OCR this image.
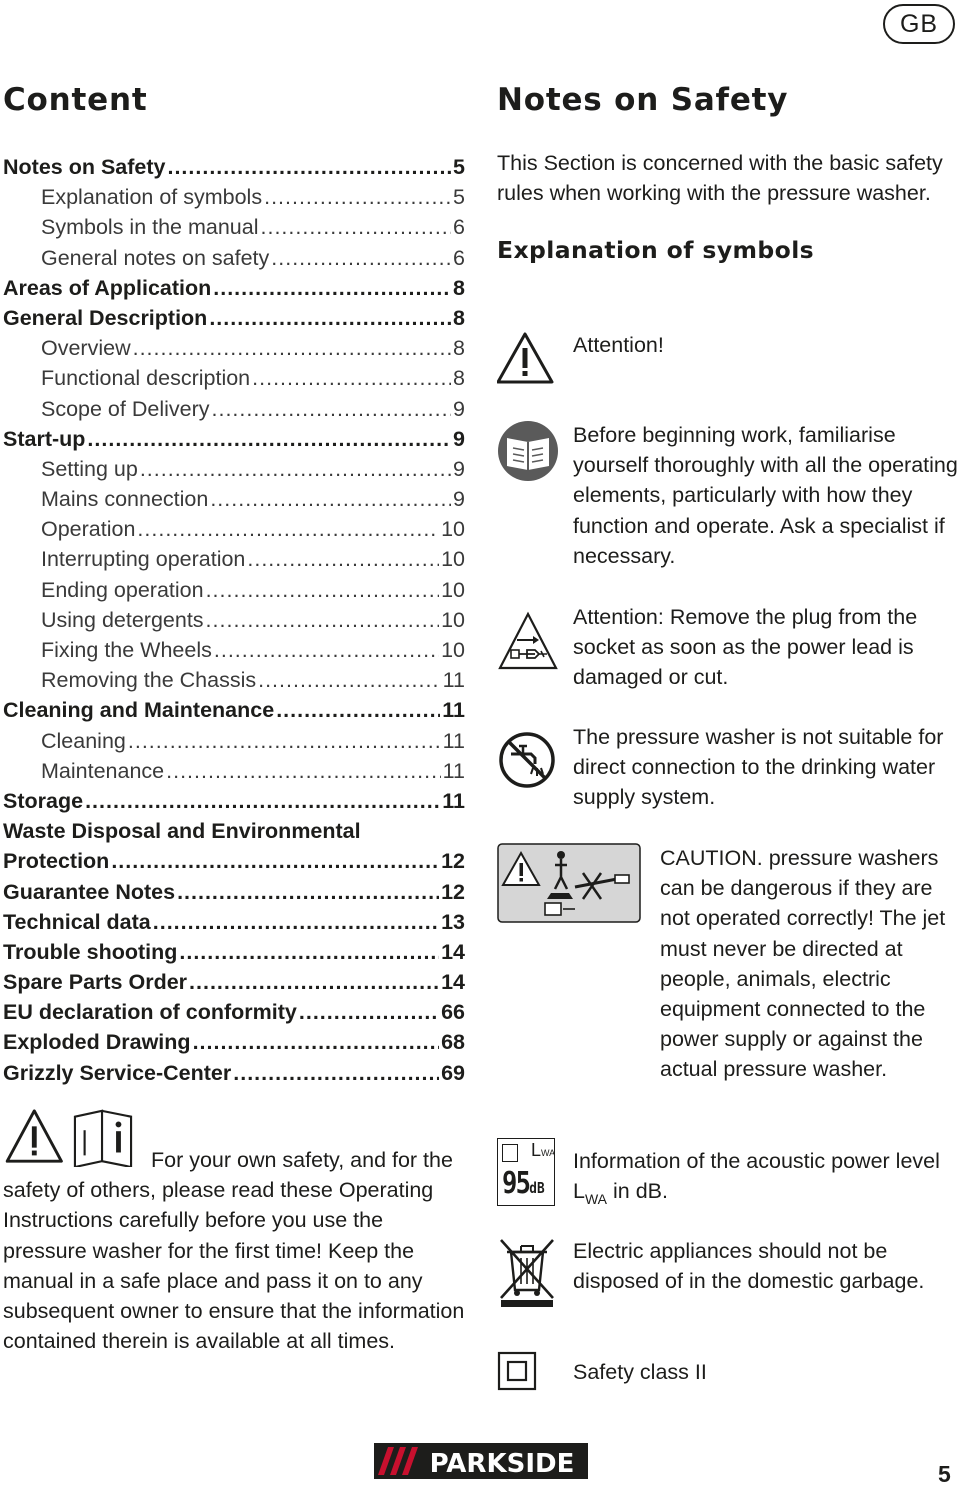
GB
Content
Notes on Safety .....	5
Explanation of symbols .....	5
Symbols in the manual .....	6
General notes on safety .....	6
Areas of Application .....	8
General Description .....	8
Overview .....	8
Functional description .....	8
Scope of Delivery .....	9
Start-up .....	9
Setting up .....	9
Mains connection .....	9
Operation .....	10
Interrupting operation .....	10
Ending operation .....	10
Using detergents .....	10
Fixing the Wheels .....	10
Removing the Chassis .....	11
Cleaning and Maintenance .....	11
Cleaning .....	11
Maintenance .....	11
Storage .....	11
Waste Disposal and Environmental
Protection .....	12
Guarantee Notes .....	12
Technical data .....	13
Trouble shooting .....	14
Spare Parts Order .....	14
EU declaration of conformity .....	66
Exploded Drawing .....	68
Grizzly Service-Center .....	69

For your own safety, and for the safety of others, please read these Operating Instructions carefully before you use the pressure washer for the first time! Keep the manual in a safe place and pass it on to any subsequent owner to ensure that the information contained therein is available at all times.

Notes on Safety

This Section is concerned with the basic safety rules when working with the pressure washer.

Explanation of symbols

Attention!

Before beginning work, familiarise yourself thoroughly with all the operating elements, particularly with how they function and operate. Ask a specialist if necessary.

Attention: Remove the plug from the socket as soon as the power lead is damaged or cut.

The pressure washer is not suitable for direct connection to the drinking water supply system.

CAUTION. pressure washers can be dangerous if they are not operated correctly! The jet must never be directed at people, animals, electric equipment connected to the power supply or against the actual pressure washer.

LWA
95dB

Information of the acoustic power level $L_{WA}$ in dB.

Electric appliances should not be disposed of in the domestic garbage.

Safety class II

PARKSIDE	5
